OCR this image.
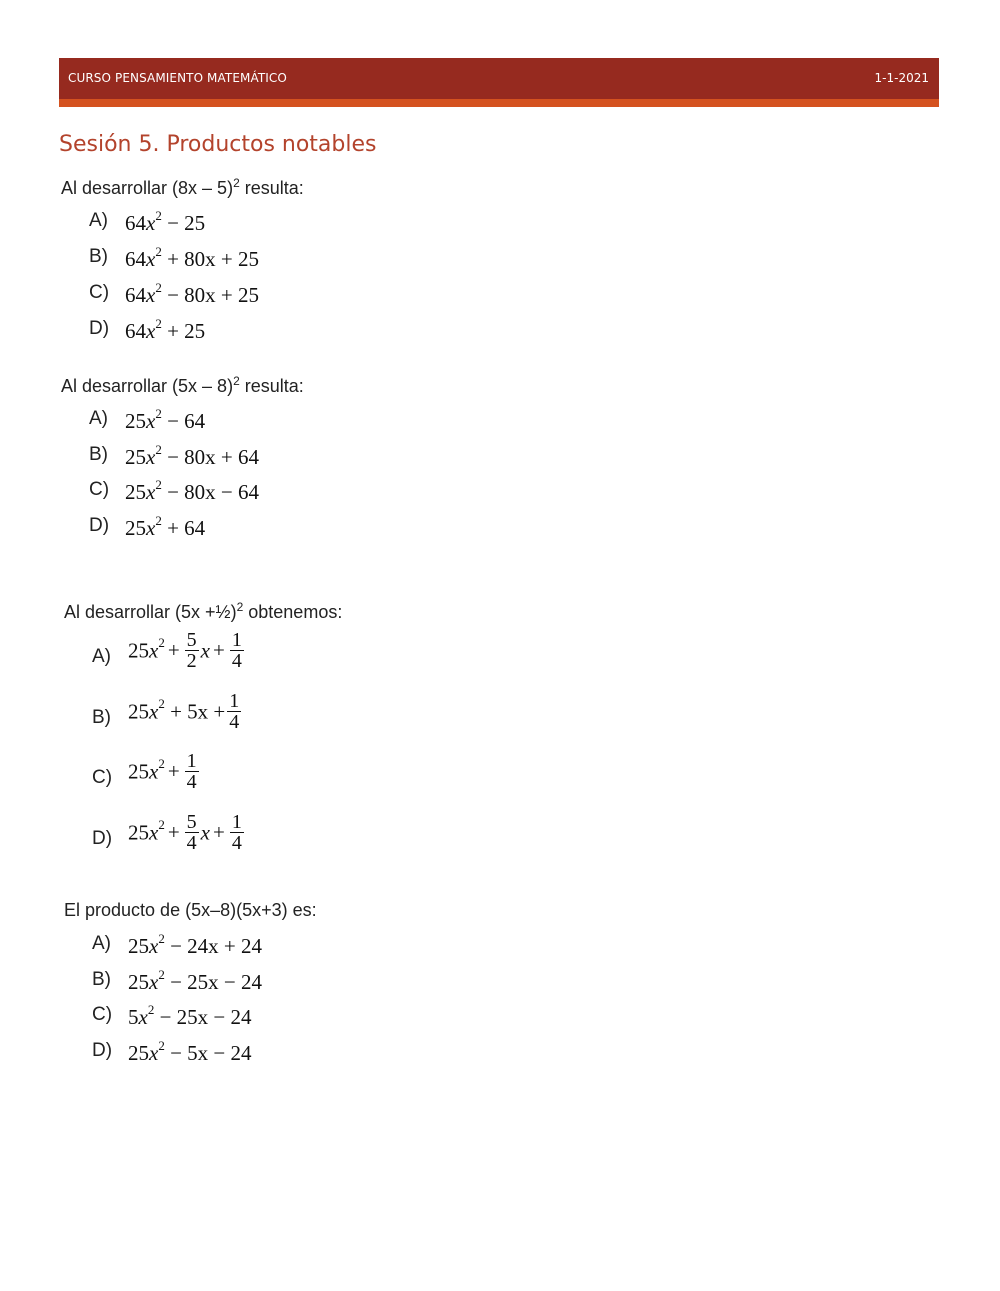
CURSO PENSAMIENTO MATEMÁTICO	1-1-2021
Sesión 5. Productos notables
Al desarrollar (8x – 5)$^2$ resulta:
A) $64x^2 - 25$
B) $64x^2 + 80x + 25$
C) $64x^2 - 80x + 25$
D) $64x^2 + 25$
Al desarrollar (5x – 8)$^2$ resulta:
A) $25x^2 - 64$
B) $25x^2 - 80x + 64$
C) $25x^2 - 80x - 64$
D) $25x^2 + 64$
Al desarrollar (5x +½)$^2$ obtenemos:
A) $25x^2 + \frac{5}{2}$ $x + \frac{1}{4}$
B) $25x^2 + 5x + \frac{1}{4}$
C) $25x^2 + \frac{1}{4}$
D) $25x^2 + \frac{5}{4}$ $x + \frac{1}{4}$
El producto de (5x–8)(5x+3) es:
A) $25x^2 - 24x + 24$
B) $25x^2 - 25x - 24$
C) $5x^2 - 25x - 24$
D) $25x^2 - 5x - 24$
